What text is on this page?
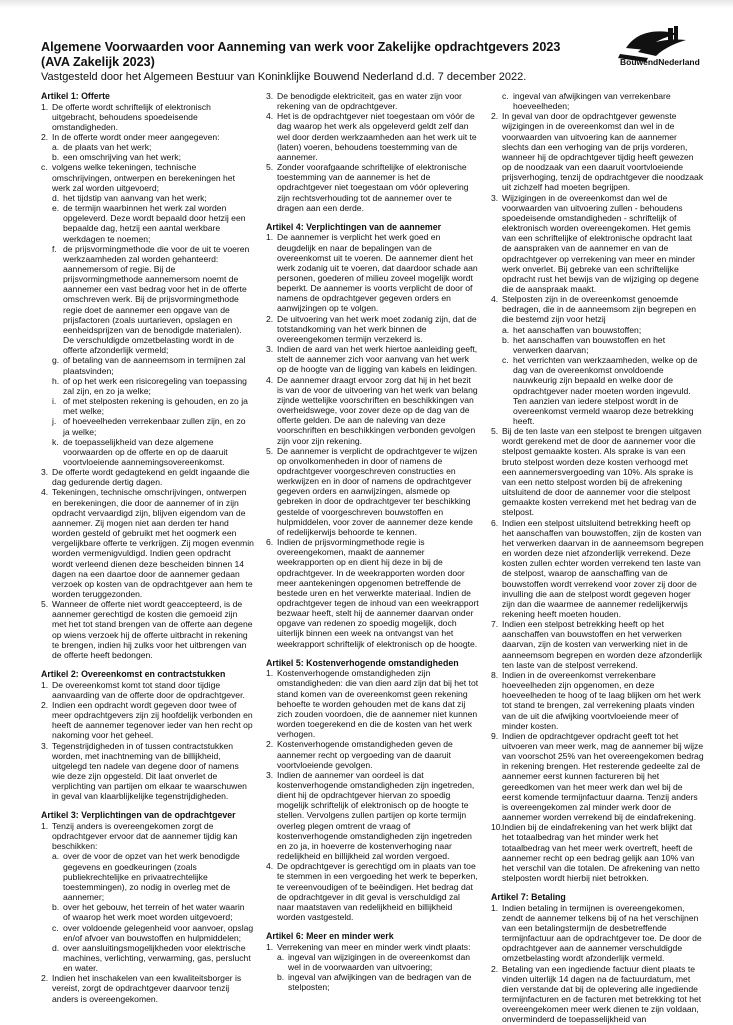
Algemene Voorwaarden voor Aanneming van werk voor Zakelijke opdrachtgevers 2023
(AVA Zakelijk 2023)
Vastgesteld door het Algemeen Bestuur van Koninklijke Bouwend Nederland d.d. 7 december 2022.
BouwendNederland
Artikel 1: Offerte
1. De offerte wordt schriftelijk of elektronisch uitgebracht, behoudens spoedeisende omstandigheden.
2. In de offerte wordt onder meer aangegeven:
a. de plaats van het werk;
b. een omschrijving van het werk;
c. volgens welke tekeningen, technische omschrijvingen, ontwerpen en berekeningen het werk zal worden uitgevoerd;
d. het tijdstip van aanvang van het werk;
e. de termijn waarbinnen het werk zal worden opgeleverd. Deze wordt bepaald door hetzij een bepaalde dag, hetzij een aantal werkbare werkdagen te noemen;
f. de prijsvormingmethode die voor de uit te voeren werkzaamheden zal worden gehanteerd: aannemersom of regie. Bij de prijsvormingmethode aannemersom noemt de aannemer een vast bedrag voor het in de offerte omschreven werk. Bij de prijsvormingmethode regie doet de aannemer een opgave van de prijsfactoren (zoals uurtarieven, opslagen en eenheidsprijzen van de benodigde materialen). De verschuldigde omzetbelasting wordt in de offerte afzonderlijk vermeld;
g. of betaling van de aanneemsom in termijnen zal plaatsvinden;
h. of op het werk een risicoregeling van toepassing zal zijn, en zo ja welke;
i. of met stelposten rekening is gehouden, en zo ja met welke;
j. of hoeveelheden verrekenbaar zullen zijn, en zo ja welke;
k. de toepasselijkheid van deze algemene voorwaarden op de offerte en op de daaruit voortvloeiende aannemingsovereenkomst.
3. De offerte wordt gedagtekend en geldt ingaande die dag gedurende dertig dagen.
4. Tekeningen, technische omschrijvingen, ontwerpen en berekeningen, die door de aannemer of in zijn opdracht vervaardigd zijn, blijven eigendom van de aannemer. Zij mogen niet aan derden ter hand worden gesteld of gebruikt met het oogmerk een vergelijkbare offerte te verkrijgen. Zij mogen evenmin worden vermenigvuldigd. Indien geen opdracht wordt verleend dienen deze bescheiden binnen 14 dagen na een daartoe door de aannemer gedaan verzoek op kosten van de opdrachtgever aan hem te worden teruggezonden.
5. Wanneer de offerte niet wordt geaccepteerd, is de aannemer gerechtigd de kosten die gemoeid zijn met het tot stand brengen van de offerte aan degene op wiens verzoek hij de offerte uitbracht in rekening te brengen, indien hij zulks voor het uitbrengen van de offerte heeft bedongen.
Artikel 2: Overeenkomst en contractstukken
1. De overeenkomst komt tot stand door tijdige aanvaarding van de offerte door de opdrachtgever.
2. Indien een opdracht wordt gegeven door twee of meer opdrachtgevers zijn zij hoofdelijk verbonden en heeft de aannemer tegenover ieder van hen recht op nakoming voor het geheel.
3. Tegenstrijdigheden in of tussen contractstukken worden, met inachtneming van de billijkheid, uitgelegd ten nadele van degene door of namens wie deze zijn opgesteld. Dit laat onverlet de verplichting van partijen om elkaar te waarschuwen in geval van klaarblijkelijke tegenstrijdigheden.
Artikel 3: Verplichtingen van de opdrachtgever
1. Tenzij anders is overeengekomen zorgt de opdrachtgever ervoor dat de aannemer tijdig kan beschikken:
a. over de voor de opzet van het werk benodigde gegevens en goedkeuringen (zoals publiekrechtelijke en privaatrechtelijke toestemmingen), zo nodig in overleg met de aannemer;
b. over het gebouw, het terrein of het water waarin of waarop het werk moet worden uitgevoerd;
c. over voldoende gelegenheid voor aanvoer, opslag en/of afvoer van bouwstoffen en hulpmiddelen;
d. over aansluitingsmogelijkheden voor elektrische machines, verlichting, verwarming, gas, perslucht en water.
2. Indien het inschakelen van een kwaliteitsborger is vereist, zorgt de opdrachtgever daarvoor tenzij anders is overeengekomen.
3. De benodigde elektriciteit, gas en water zijn voor rekening van de opdrachtgever.
4. Het is de opdrachtgever niet toegestaan om vóór de dag waarop het werk als opgeleverd geldt zelf dan wel door derden werkzaamheden aan het werk uit te (laten) voeren, behoudens toestemming van de aannemer.
5. Zonder voorafgaande schriftelijke of elektronische toestemming van de aannemer is het de opdrachtgever niet toegestaan om vóór oplevering zijn rechtsverhouding tot de aannemer over te dragen aan een derde.
Artikel 4: Verplichtingen van de aannemer
1. De aannemer is verplicht het werk goed en deugdelijk en naar de bepalingen van de overeenkomst uit te voeren. De aannemer dient het werk zodanig uit te voeren, dat daardoor schade aan personen, goederen of milieu zoveel mogelijk wordt beperkt. De aannemer is voorts verplicht de door of namens de opdrachtgever gegeven orders en aanwijzingen op te volgen.
2. De uitvoering van het werk moet zodanig zijn, dat de totstandkoming van het werk binnen de overeengekomen termijn verzekerd is.
3. Indien de aard van het werk hiertoe aanleiding geeft, stelt de aannemer zich voor aanvang van het werk op de hoogte van de ligging van kabels en leidingen.
4. De aannemer draagt ervoor zorg dat hij in het bezit is van de voor de uitvoering van het werk van belang zijnde wettelijke voorschriften en beschikkingen van overheidswege, voor zover deze op de dag van de offerte gelden. De aan de naleving van deze voorschriften en beschikkingen verbonden gevolgen zijn voor zijn rekening.
5. De aannemer is verplicht de opdrachtgever te wijzen op onvolkomenheden in door of namens de opdrachtgever voorgeschreven constructies en werkwijzen en in door of namens de opdrachtgever gegeven orders en aanwijzingen, alsmede op gebreken in door de opdrachtgever ter beschikking gestelde of voorgeschreven bouwstoffen en hulpmiddelen, voor zover de aannemer deze kende of redelijkerwijs behoorde te kennen.
6. Indien de prijsvormingmethode regie is overeengekomen, maakt de aannemer weekrapporten op en dient hij deze in bij de opdrachtgever. In de weekrapporten worden door meer aantekeningen opgenomen betreffende de bestede uren en het verwerkte materiaal. Indien de opdrachtgever tegen de inhoud van een weekrapport bezwaar heeft, stelt hij de aannemer daarvan onder opgave van redenen zo spoedig mogelijk, doch uiterlijk binnen een week na ontvangst van het weekrapport schriftelijk of elektronisch op de hoogte.
Artikel 5: Kostenverhogende omstandigheden
1. Kostenverhogende omstandigheden zijn omstandigheden: die van dien aard zijn dat bij het tot stand komen van de overeenkomst geen rekening behoefte te worden gehouden met de kans dat zij zich zouden voordoen, die de aannemer niet kunnen worden toegerekend en die de kosten van het werk verhogen.
2. Kostenverhogende omstandigheden geven de aannemer recht op vergoeding van de daaruit voortvloeiende gevolgen.
3. Indien de aannemer van oordeel is dat kostenverhogende omstandigheden zijn ingetreden, dient hij de opdrachtgever hiervan zo spoedig mogelijk schriftelijk of elektronisch op de hoogte te stellen. Vervolgens zullen partijen op korte termijn overleg plegen omtrent de vraag of kostenverhogende omstandigheden zijn ingetreden en zo ja, in hoeverre de kostenverhoging naar redelijkheid en billijkheid zal worden vergoed.
4. De opdrachtgever is gerechtigd om in plaats van toe te stemmen in een vergoeding het werk te beperken, te vereenvoudigen of te beëindigen. Het bedrag dat de opdrachtgever in dit geval is verschuldigd zal naar maatstaven van redelijkheid en billijkheid worden vastgesteld.
Artikel 6: Meer en minder werk
1. Verrekening van meer en minder werk vindt plaats:
a. ingeval van wijzigingen in de overeenkomst dan wel in de voorwaarden van uitvoering;
b. ingeval van afwijkingen van de bedragen van de stelposten;
c. ingeval van afwijkingen van verrekenbare hoeveelheden;
2. In geval van door de opdrachtgever gewenste wijzigingen in de overeenkomst dan wel in de voorwaarden van uitvoering kan de aannemer slechts dan een verhoging van de prijs vorderen, wanneer hij de opdrachtgever tijdig heeft gewezen op de noodzaak van een daaruit voortvloeiende prijsverhoging, tenzij de opdrachtgever die noodzaak uit zichzelf had moeten begrijpen.
3. Wijzigingen in de overeenkomst dan wel de voorwaarden van uitvoering zullen - behoudens spoedeisende omstandigheden - schriftelijk of elektronisch worden overeengekomen. Het gemis van een schriftelijke of elektronische opdracht laat de aanspraken van de aannemer en van de opdrachtgever op verrekening van meer en minder werk onverlet. Bij gebreke van een schriftelijke opdracht rust het bewijs van de wijziging op degene die de aanspraak maakt.
4. Stelposten zijn in de overeenkomst genoemde bedragen, die in de aanneemsom zijn begrepen en die bestemd zijn voor hetzij
a. het aanschaffen van bouwstoffen;
b. het aanschaffen van bouwstoffen en het verwerken daarvan;
c. het verrichten van werkzaamheden, welke op de dag van de overeenkomst onvoldoende nauwkeurig zijn bepaald en welke door de opdrachtgever nader moeten worden ingevuld. Ten aanzien van iedere stelpost wordt in de overeenkomst vermeld waarop deze betrekking heeft.
5. Bij de ten laste van een stelpost te brengen uitgaven wordt gerekend met de door de aannemer voor die stelpost gemaakte kosten. Als sprake is van een bruto stelpost worden deze kosten verhoogd met een aannemersvergoeding van 10%. Als sprake is van een netto stelpost worden bij de afrekening uitsluitend de door de aannemer voor die stelpost gemaakte kosten verrekend met het bedrag van de stelpost.
6. Indien een stelpost uitsluitend betrekking heeft op het aanschaffen van bouwstoffen, zijn de kosten van het verwerken daarvan in de aanneemsom begrepen en worden deze niet afzonderlijk verrekend. Deze kosten zullen echter worden verrekend ten laste van de stelpost, waarop de aanschaffing van de bouwstoffen wordt verrekend voor zover zij door de invulling die aan de stelpost wordt gegeven hoger zijn dan die waarmee de aannemer redelijkerwijs rekening heeft moeten houden.
7. Indien een stelpost betrekking heeft op het aanschaffen van bouwstoffen en het verwerken daarvan, zijn de kosten van verwerking niet in de aanneemsom begrepen en worden deze afzonderlijk ten laste van de stelpost verrekend.
8. Indien in de overeenkomst verrekenbare hoeveelheden zijn opgenomen, en deze hoeveelheden te hoog of te laag blijken om het werk tot stand te brengen, zal verrekening plaats vinden van de uit die afwijking voortvloeiende meer of minder kosten.
9. Indien de opdrachtgever opdracht geeft tot het uitvoeren van meer werk, mag de aannemer bij wijze van voorschot 25% van het overeengekomen bedrag in rekening brengen. Het resterende gedeelte zal de aannemer eerst kunnen factureren bij het gereedkomen van het meer werk dan wel bij de eerst komende termijnfactuur daarna. Tenzij anders is overeengekomen zal minder werk door de aannemer worden verrekend bij de eindafrekening.
10. Indien bij de eindafrekening van het werk blijkt dat het totaalbedrag van het minder werk het totaalbedrag van het meer werk overtreft, heeft de aannemer recht op een bedrag gelijk aan 10% van het verschil van die totalen. De afrekening van netto stelposten wordt hierbij niet betrokken.
Artikel 7: Betaling
1. Indien betaling in termijnen is overeengekomen, zendt de aannemer telkens bij of na het verschijnen van een betalingstermijn de desbetreffende termijnfactuur aan de opdrachtgever toe. De door de opdrachtgever aan de aannemer verschuldigde omzetbelasting wordt afzonderlijk vermeld.
2. Betaling van een ingediende factuur dient plaats te vinden uiterlijk 14 dagen na de factuurdatum, met dien verstande dat bij de oplevering alle ingediende termijnfacturen en de facturen met betrekking tot het overeengekomen meer werk dienen te zijn voldaan, onverminderd de toepasselijkheid van
